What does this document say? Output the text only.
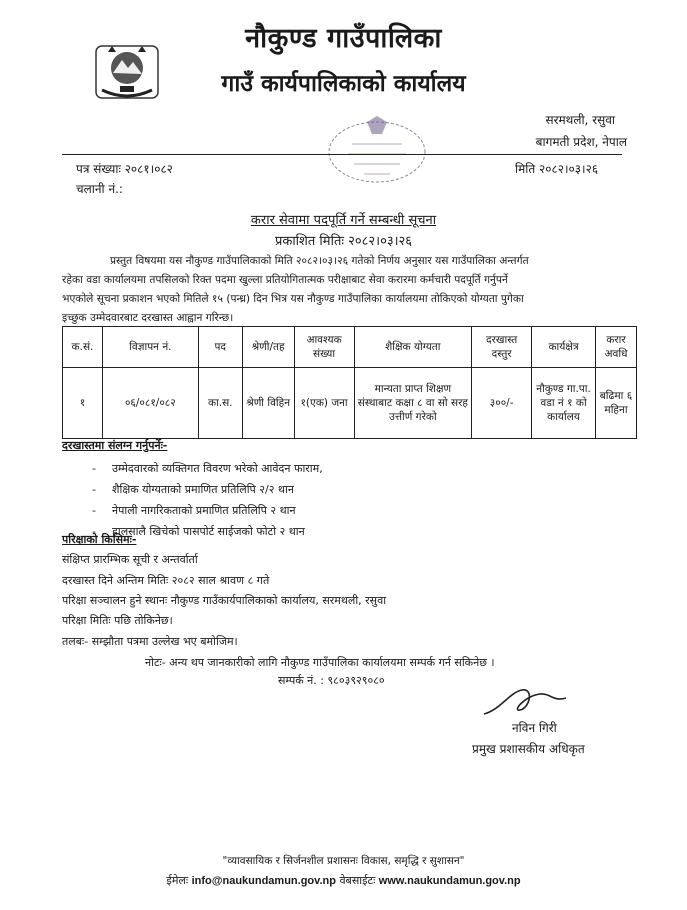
नौकुण्ड गाउँपालिका
गाउँ कार्यपालिकाको कार्यालय
सरमथली, रसुवा
बागमती प्रदेश, नेपाल
पत्र संख्याः २०८१।०८२
चलानी नं.:
मिति २०८२।०३।२६
करार सेवामा पदपूर्ति गर्ने सम्बन्धी सूचना
प्रकाशित मितिः २०८२।०३।२६
प्रस्तुत विषयमा यस नौकुण्ड गाउँपालिकाको मिति २०८२।०३।२६ गतेको निर्णय अनुसार यस गाउँपालिका अन्तर्गत
रहेका वडा कार्यालयमा तपसिलको रिक्त पदमा खुल्ला प्रतियोगितात्मक परीक्षाबाट सेवा करारमा कर्मचारी पदपूर्ति गर्नुपर्ने
भएकोले सूचना प्रकाशन भएको मितिले १५ (पन्ध्र) दिन भित्र यस नौकुण्ड गाउँपालिका कार्यालयमा तोकिएको योग्यता पुगेका
इच्छुक उम्मेदवारबाट दरखास्त आह्वान गरिन्छ।
क.सं.	विज्ञापन नं.	पद	श्रेणी/तह	आवश्यक संख्या	शैक्षिक योग्यता	दरखास्त दस्तुर	कार्यक्षेत्र	करार अवधि
१	०६/०८१/०८२	का.स.	श्रेणी विहिन	१(एक) जना	मान्यता प्राप्त शिक्षण संस्थाबाट कक्षा ८ वा सो सरह उत्तीर्ण गरेको	३००/-	नौकुण्ड गा.पा. वडा नं १ को कार्यालय	बढिमा ६ महिना
दरखास्तमा संलग्न गर्नुपर्नेः-
- उम्मेदवारको व्यक्तिगत विवरण भरेको आवेदन फाराम,
- शैक्षिक योग्यताको प्रमाणित प्रतिलिपि २/२ थान
- नेपाली नागरिकताको प्रमाणित प्रतिलिपि २ थान
- हालसालै खिचेको पासपोर्ट साईजको फोटो २ थान
परिक्षाको किसिमः-
संक्षिप्त प्रारम्भिक सूची र अन्तर्वार्ता
दरखास्त दिने अन्तिम मितिः २०८२ साल श्रावण ८ गते
परिक्षा सञ्चालन हुने स्थानः नौकुण्ड गाउँकार्यपालिकाको कार्यालय, सरमथली, रसुवा
परिक्षा मितिः पछि तोकिनेछ।
तलबः- सम्झौता पत्रमा उल्लेख भए बमोजिम।
नोटः- अन्य थप जानकारीको लागि नौकुण्ड गाउँपालिका कार्यालयमा सम्पर्क गर्न सकिनेछ ।
सम्पर्क नं. : ९८०३९२९०८०
नविन गिरी
प्रमुख प्रशासकीय अधिकृत
"व्यावसायिक र सिर्जनशील प्रशासनः विकास, समृद्धि र सुशासन"
ईमेलः info@naukundamun.gov.np वेबसाईटः www.naukundamun.gov.np
